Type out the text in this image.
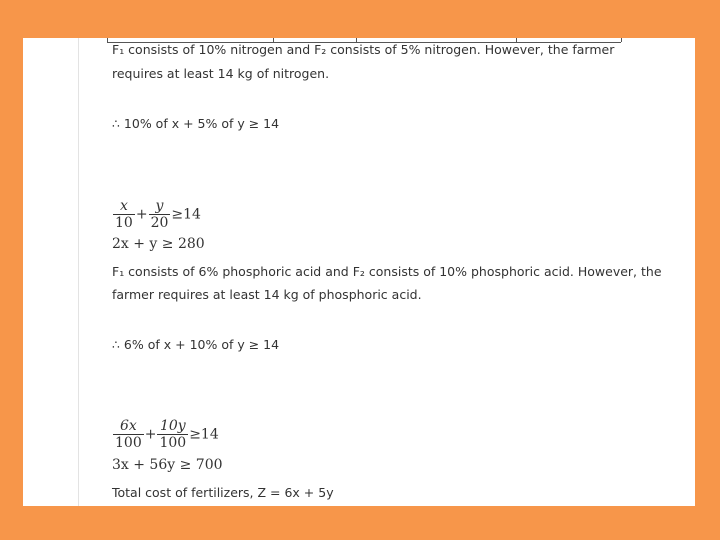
F₁ consists of 10% nitrogen and F₂ consists of 5% nitrogen. However, the farmer
requires at least 14 kg of nitrogen.
∴ 10% of x + 5% of y ≥ 14
$\frac{x}{10} + \frac{y}{20} \ge 14$
2x + y ≥ 280
F₁ consists of 6% phosphoric acid and F₂ consists of 10% phosphoric acid. However, the
farmer requires at least 14 kg of phosphoric acid.
∴ 6% of x + 10% of y ≥ 14
$\frac{6x}{100} + \frac{10y}{100} \ge 14$
3x + 56y ≥ 700
Total cost of fertilizers, Z = 6x + 5y
